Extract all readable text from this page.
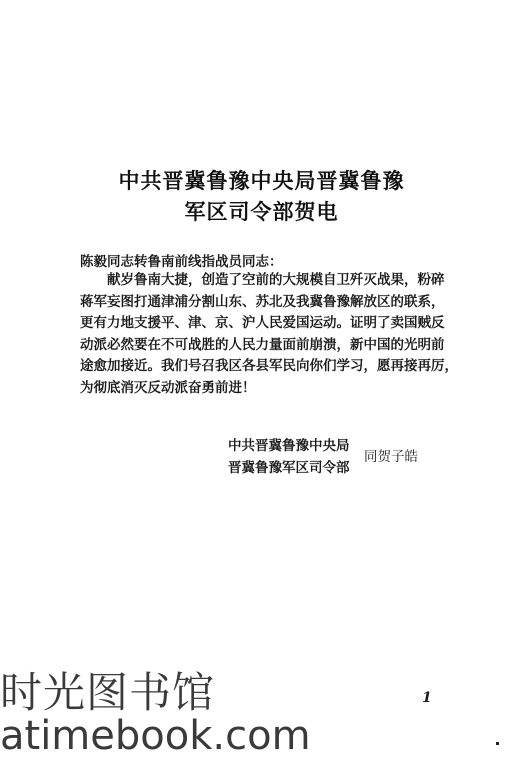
中共晋冀鲁豫中央局晋冀鲁豫
军区司令部贺电
陈毅同志转鲁南前线指战员同志：

献岁鲁南大捷，创造了空前的大规模自卫歼灭战果，粉碎

蒋军妄图打通津浦分割山东、苏北及我冀鲁豫解放区的联系，

更有力地支援平、津、京、沪人民爱国运动。证明了卖国贼反

动派必然要在不可战胜的人民力量面前崩溃，新中国的光明前

途愈加接近。我们号召我区各县军民向你们学习，愿再接再厉，

为彻底消灭反动派奋勇前进！

中共晋冀鲁豫中央局
晋冀鲁豫军区司令部
同贺子皓
时光图书馆
atimebook.com
1
